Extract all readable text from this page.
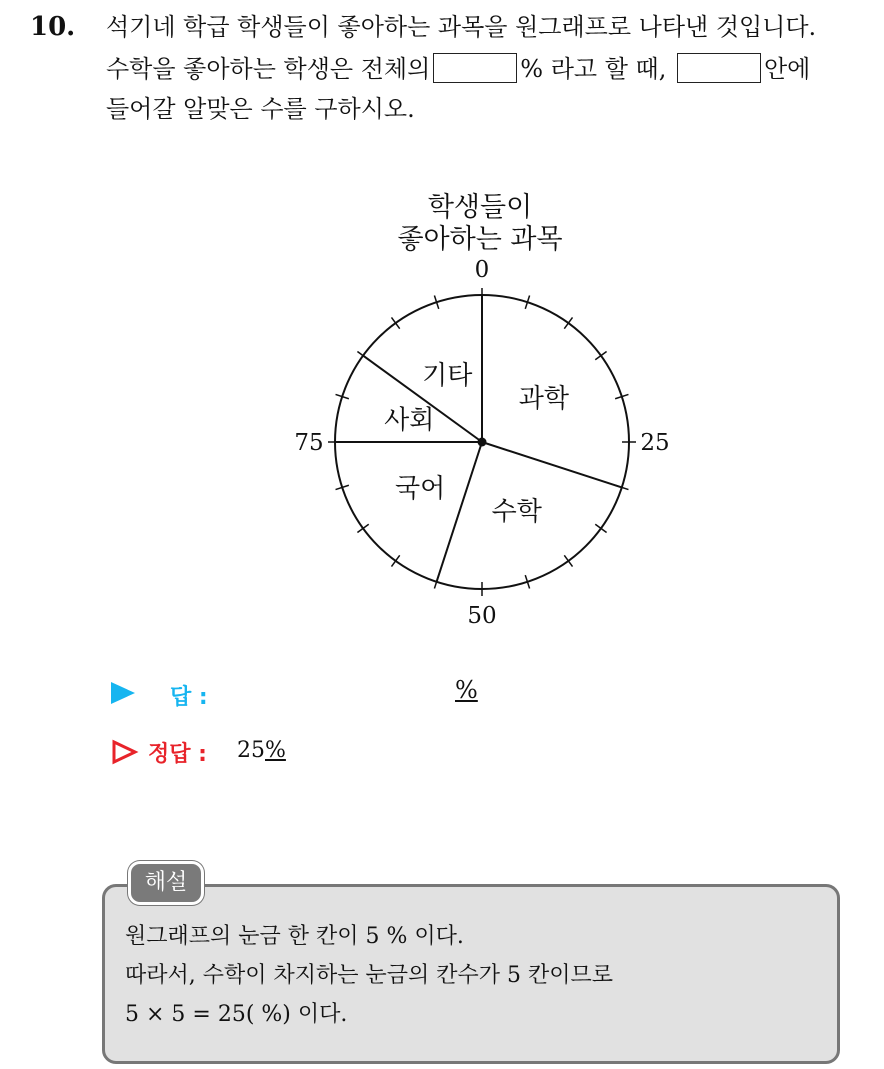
10. 석기네 학급 학생들이 좋아하는 과목을 원그래프로 나타낸 것입니다.
수학을 좋아하는 학생은 전체의	% 라고 할 때,	안에
들어갈 알맞은 수를 구하시오.
학생들이
좋아하는 과목
0
25
50
75
과학
수학
국어
사회
기타
답 :	%
정답 : 25%
해설
원그래프의 눈금 한 칸이 5 % 이다.
따라서, 수학이 차지하는 눈금의 칸수가 5 칸이므로
5 × 5 = 25( %) 이다.
